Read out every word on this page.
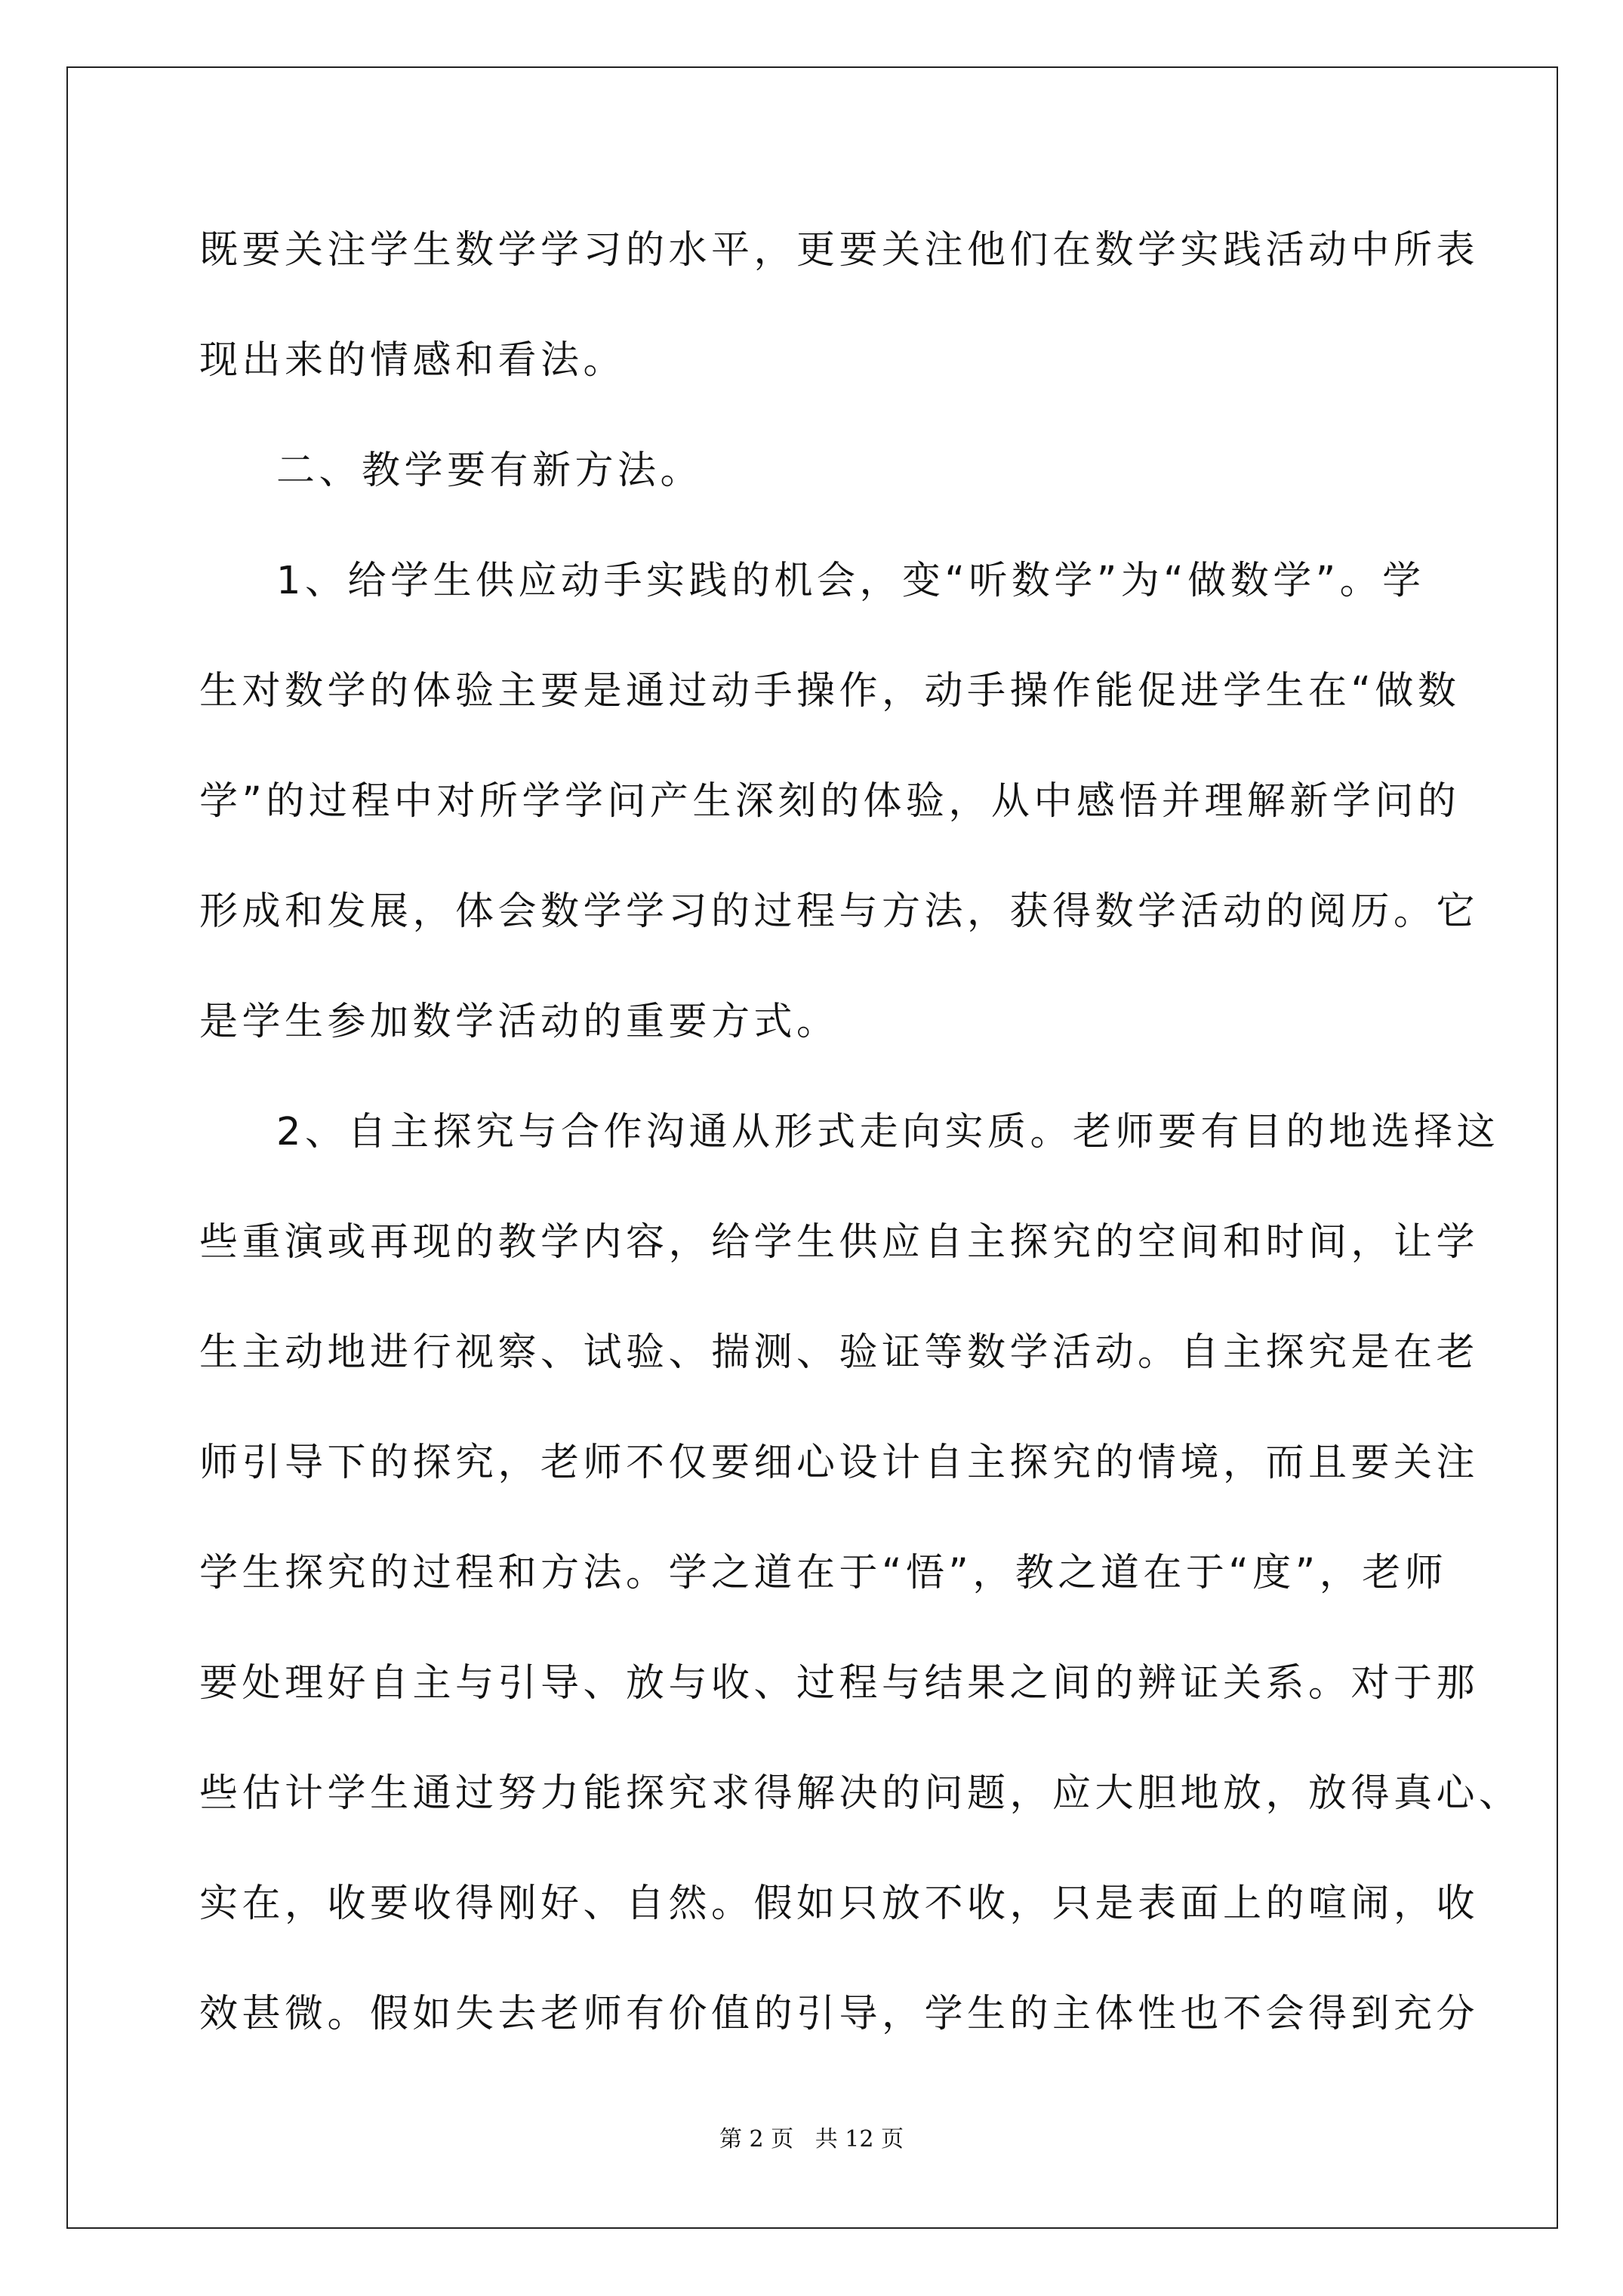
既要关注学生数学学习的水平，更要关注他们在数学实践活动中所表
现出来的情感和看法。
二、教学要有新方法。
1、给学生供应动手实践的机会，变“听数学”为“做数学”。学
生对数学的体验主要是通过动手操作，动手操作能促进学生在“做数
学”的过程中对所学学问产生深刻的体验，从中感悟并理解新学问的
形成和发展，体会数学学习的过程与方法，获得数学活动的阅历。它
是学生参加数学活动的重要方式。
2、自主探究与合作沟通从形式走向实质。老师要有目的地选择这
些重演或再现的教学内容，给学生供应自主探究的空间和时间，让学
生主动地进行视察、试验、揣测、验证等数学活动。自主探究是在老
师引导下的探究，老师不仅要细心设计自主探究的情境，而且要关注
学生探究的过程和方法。学之道在于“悟”，教之道在于“度”，老师
要处理好自主与引导、放与收、过程与结果之间的辨证关系。对于那
些估计学生通过努力能探究求得解决的问题，应大胆地放，放得真心、
实在，收要收得刚好、自然。假如只放不收，只是表面上的喧闹，收
效甚微。假如失去老师有价值的引导，学生的主体性也不会得到充分
第 2 页 共 12 页
